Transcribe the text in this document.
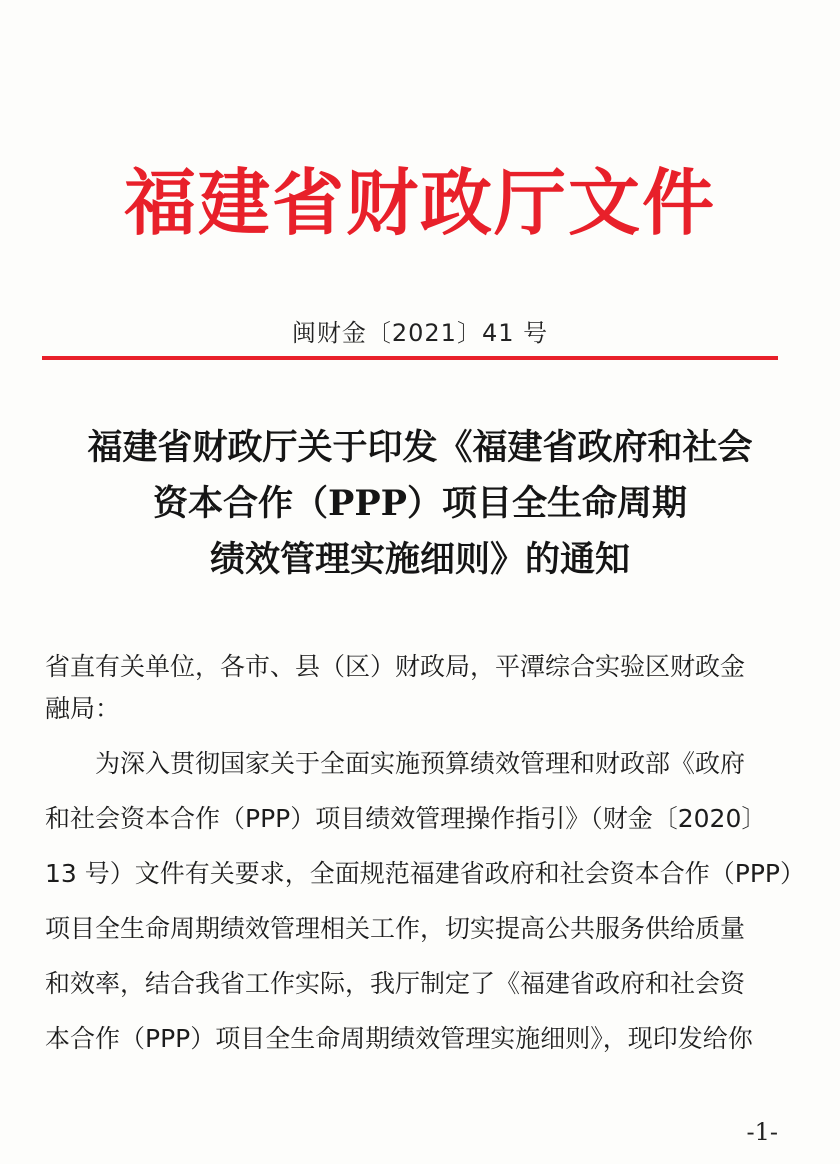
福建省财政厅文件
闽财金〔2021〕41 号
福建省财政厅关于印发《福建省政府和社会
资本合作（PPP）项目全生命周期
绩效管理实施细则》的通知
省直有关单位，各市、县（区）财政局，平潭综合实验区财政金
融局：
为深入贯彻国家关于全面实施预算绩效管理和财政部《政府
和社会资本合作（PPP）项目绩效管理操作指引》（财金〔2020〕
13 号）文件有关要求，全面规范福建省政府和社会资本合作（PPP）
项目全生命周期绩效管理相关工作，切实提高公共服务供给质量
和效率，结合我省工作实际，我厅制定了《福建省政府和社会资
本合作（PPP）项目全生命周期绩效管理实施细则》，现印发给你
-1-
